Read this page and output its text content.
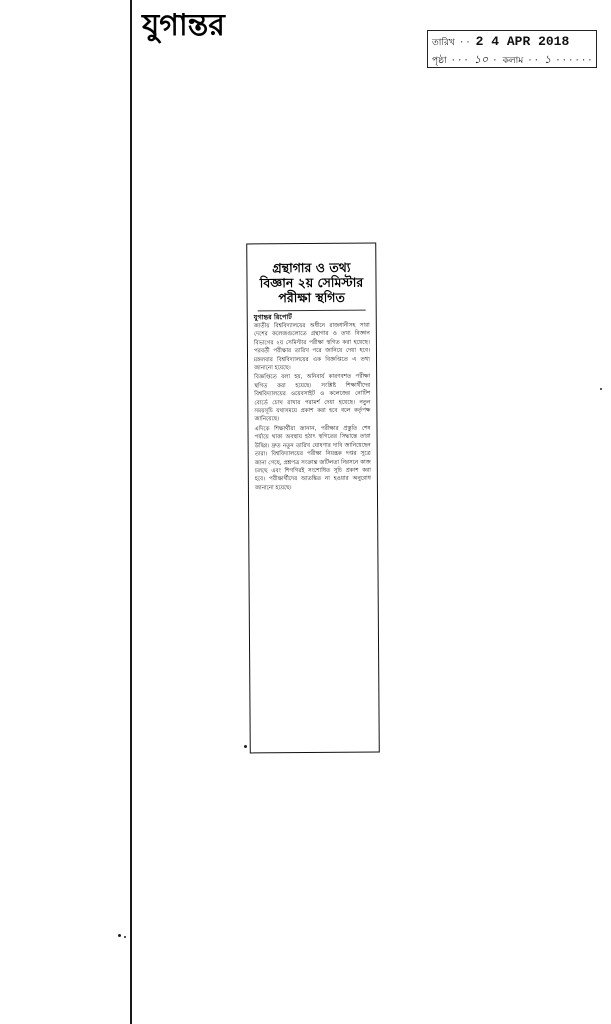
যুগান্তর	তারিখ ·· 2 4 APR 2018
পৃষ্ঠা ··· ১০ · কলাম ·· ১ ······
গ্রন্থাগার ও তথ্য
বিজ্ঞান ২য় সেমিস্টার
পরীক্ষা স্থগিত
যুগান্তর রিপোর্ট

জাতীয় বিশ্ববিদ্যালয়ের অধীনে রাজধানীসহ সারা দেশের কলেজগুলোতে গ্রন্থাগার ও তথ্য বিজ্ঞান বিভাগের ২য় সেমিস্টার পরীক্ষা স্থগিত করা হয়েছে। পরবর্তী পরীক্ষার তারিখ পরে জানিয়ে দেয়া হবে। মঙ্গলবার বিশ্ববিদ্যালয়ের এক বিজ্ঞপ্তিতে এ তথ্য জানানো হয়েছে।

বিজ্ঞপ্তিতে বলা হয়, অনিবার্য কারণবশত পরীক্ষা স্থগিত করা হয়েছে। সংশ্লিষ্ট শিক্ষার্থীদের বিশ্ববিদ্যালয়ের ওয়েবসাইট ও কলেজের নোটিশ বোর্ডে চোখ রাখার পরামর্শ দেয়া হয়েছে। নতুন সময়সূচি যথাসময়ে প্রকাশ করা হবে বলে কর্তৃপক্ষ জানিয়েছে।

এদিকে শিক্ষার্থীরা জানান, পরীক্ষার প্রস্তুতি শেষ পর্যায়ে থাকা অবস্থায় হঠাৎ স্থগিতের সিদ্ধান্তে তারা উদ্বিগ্ন। দ্রুত নতুন তারিখ ঘোষণার দাবি জানিয়েছেন তারা। বিশ্ববিদ্যালয়ের পরীক্ষা নিয়ন্ত্রক দপ্তর সূত্রে জানা গেছে, প্রশ্নপত্র সংক্রান্ত জটিলতা নিরসনে কাজ চলছে এবং শিগগিরই সংশোধিত সূচি প্রকাশ করা হবে। পরীক্ষার্থীদের আতঙ্কিত না হওয়ার অনুরোধ জানানো হয়েছে।
